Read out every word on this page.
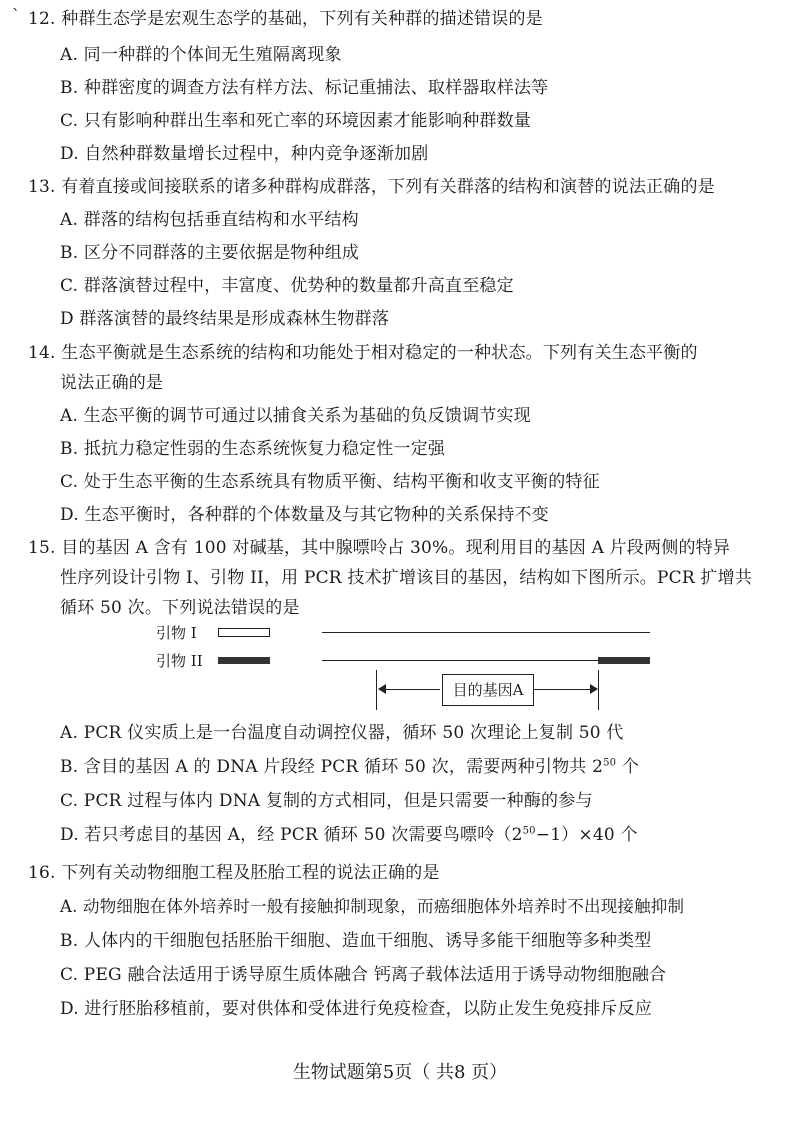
ˋ 12. 种群生态学是宏观生态学的基础，下列有关种群的描述错误的是
A. 同一种群的个体间无生殖隔离现象
B. 种群密度的调查方法有样方法、标记重捕法、取样器取样法等
C. 只有影响种群出生率和死亡率的环境因素才能影响种群数量
D. 自然种群数量增长过程中，种内竞争逐渐加剧
13. 有着直接或间接联系的诸多种群构成群落，下列有关群落的结构和演替的说法正确的是
A. 群落的结构包括垂直结构和水平结构
B. 区分不同群落的主要依据是物种组成
C. 群落演替过程中，丰富度、优势种的数量都升高直至稳定
D 群落演替的最终结果是形成森林生物群落
14. 生态平衡就是生态系统的结构和功能处于相对稳定的一种状态。下列有关生态平衡的
说法正确的是
A. 生态平衡的调节可通过以捕食关系为基础的负反馈调节实现
B. 抵抗力稳定性弱的生态系统恢复力稳定性一定强
C. 处于生态平衡的生态系统具有物质平衡、结构平衡和收支平衡的特征
D. 生态平衡时，各种群的个体数量及与其它物种的关系保持不变
15. 目的基因 A 含有 100 对碱基，其中腺嘌呤占 30%。现利用目的基因 A 片段两侧的特异
性序列设计引物 I、引物 II，用 PCR 技术扩增该目的基因，结构如下图所示。PCR 扩增共
循环 50 次。下列说法错误的是
引物 I
引物 II
目的基因A
A. PCR 仪实质上是一台温度自动调控仪器，循环 50 次理论上复制 50 代
B. 含目的基因 A 的 DNA 片段经 PCR 循环 50 次，需要两种引物共 $2^{50}$ 个
C. PCR 过程与体内 DNA 复制的方式相同，但是只需要一种酶的参与
D. 若只考虑目的基因 A，经 PCR 循环 50 次需要鸟嘌呤$(2^{50}-1)\times 40$ 个
16. 下列有关动物细胞工程及胚胎工程的说法正确的是
A. 动物细胞在体外培养时一般有接触抑制现象，而癌细胞体外培养时不出现接触抑制
B. 人体内的干细胞包括胚胎干细胞、造血干细胞、诱导多能干细胞等多种类型
C. PEG 融合法适用于诱导原生质体融合 钙离子载体法适用于诱导动物细胞融合
D. 进行胚胎移植前，要对供体和受体进行免疫检查，以防止发生免疫排斥反应
生物试题第5页（ 共8 页）
